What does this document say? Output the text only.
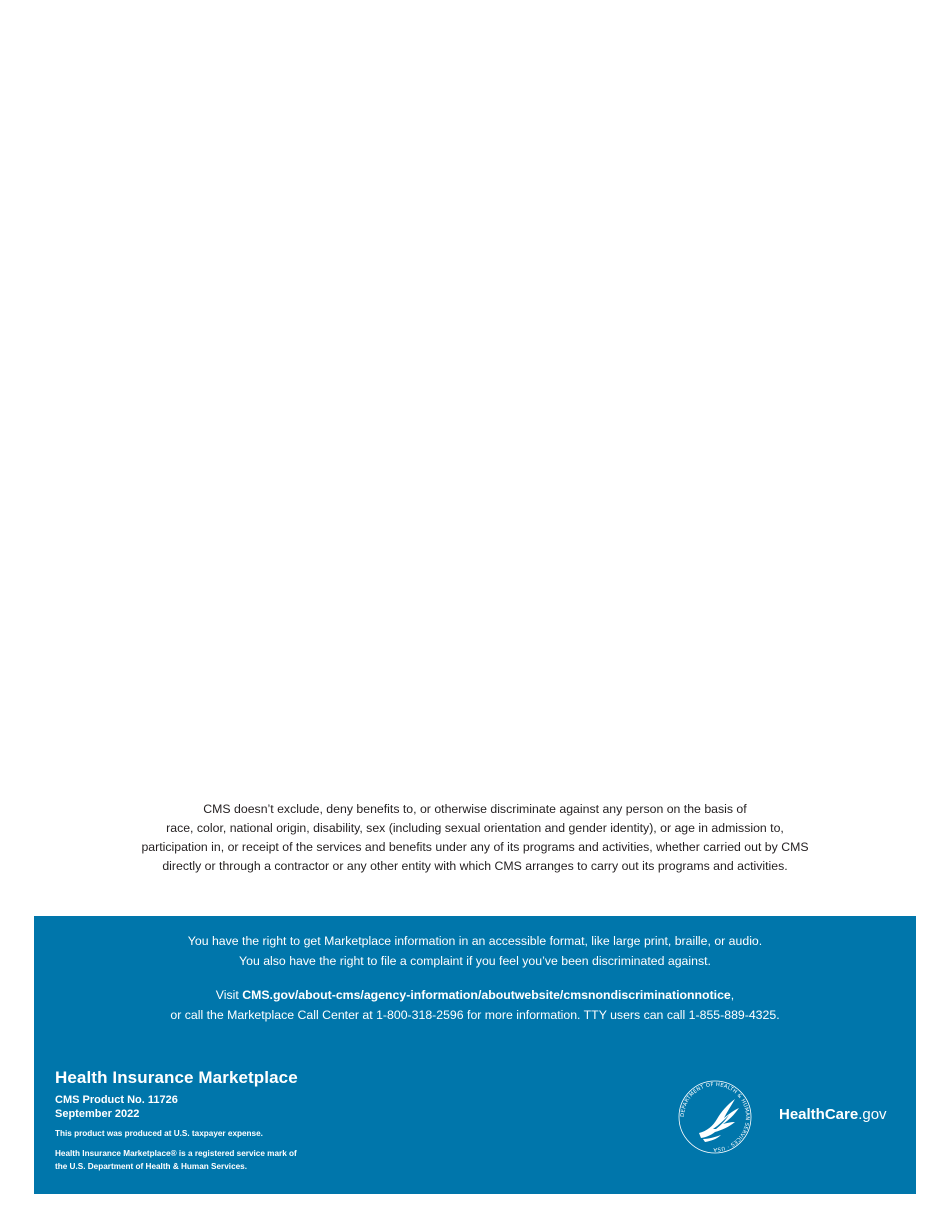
CMS doesn’t exclude, deny benefits to, or otherwise discriminate against any person on the basis of
race, color, national origin, disability, sex (including sexual orientation and gender identity), or age in admission to,
participation in, or receipt of the services and benefits under any of its programs and activities, whether carried out by CMS
directly or through a contractor or any other entity with which CMS arranges to carry out its programs and activities.
You have the right to get Marketplace information in an accessible format, like large print, braille, or audio.
You also have the right to file a complaint if you feel you’ve been discriminated against.
Visit CMS.gov/about-cms/agency-information/aboutwebsite/cmsnondiscriminationnotice,
or call the Marketplace Call Center at 1-800-318-2596 for more information. TTY users can call 1-855-889-4325.
Health Insurance Marketplace
CMS Product No. 11726
September 2022
This product was produced at U.S. taxpayer expense.
Health Insurance Marketplace® is a registered service mark of
the U.S. Department of Health & Human Services.
DEPARTMENT OF HEALTH & HUMAN SERVICES · USA
HealthCare.gov
